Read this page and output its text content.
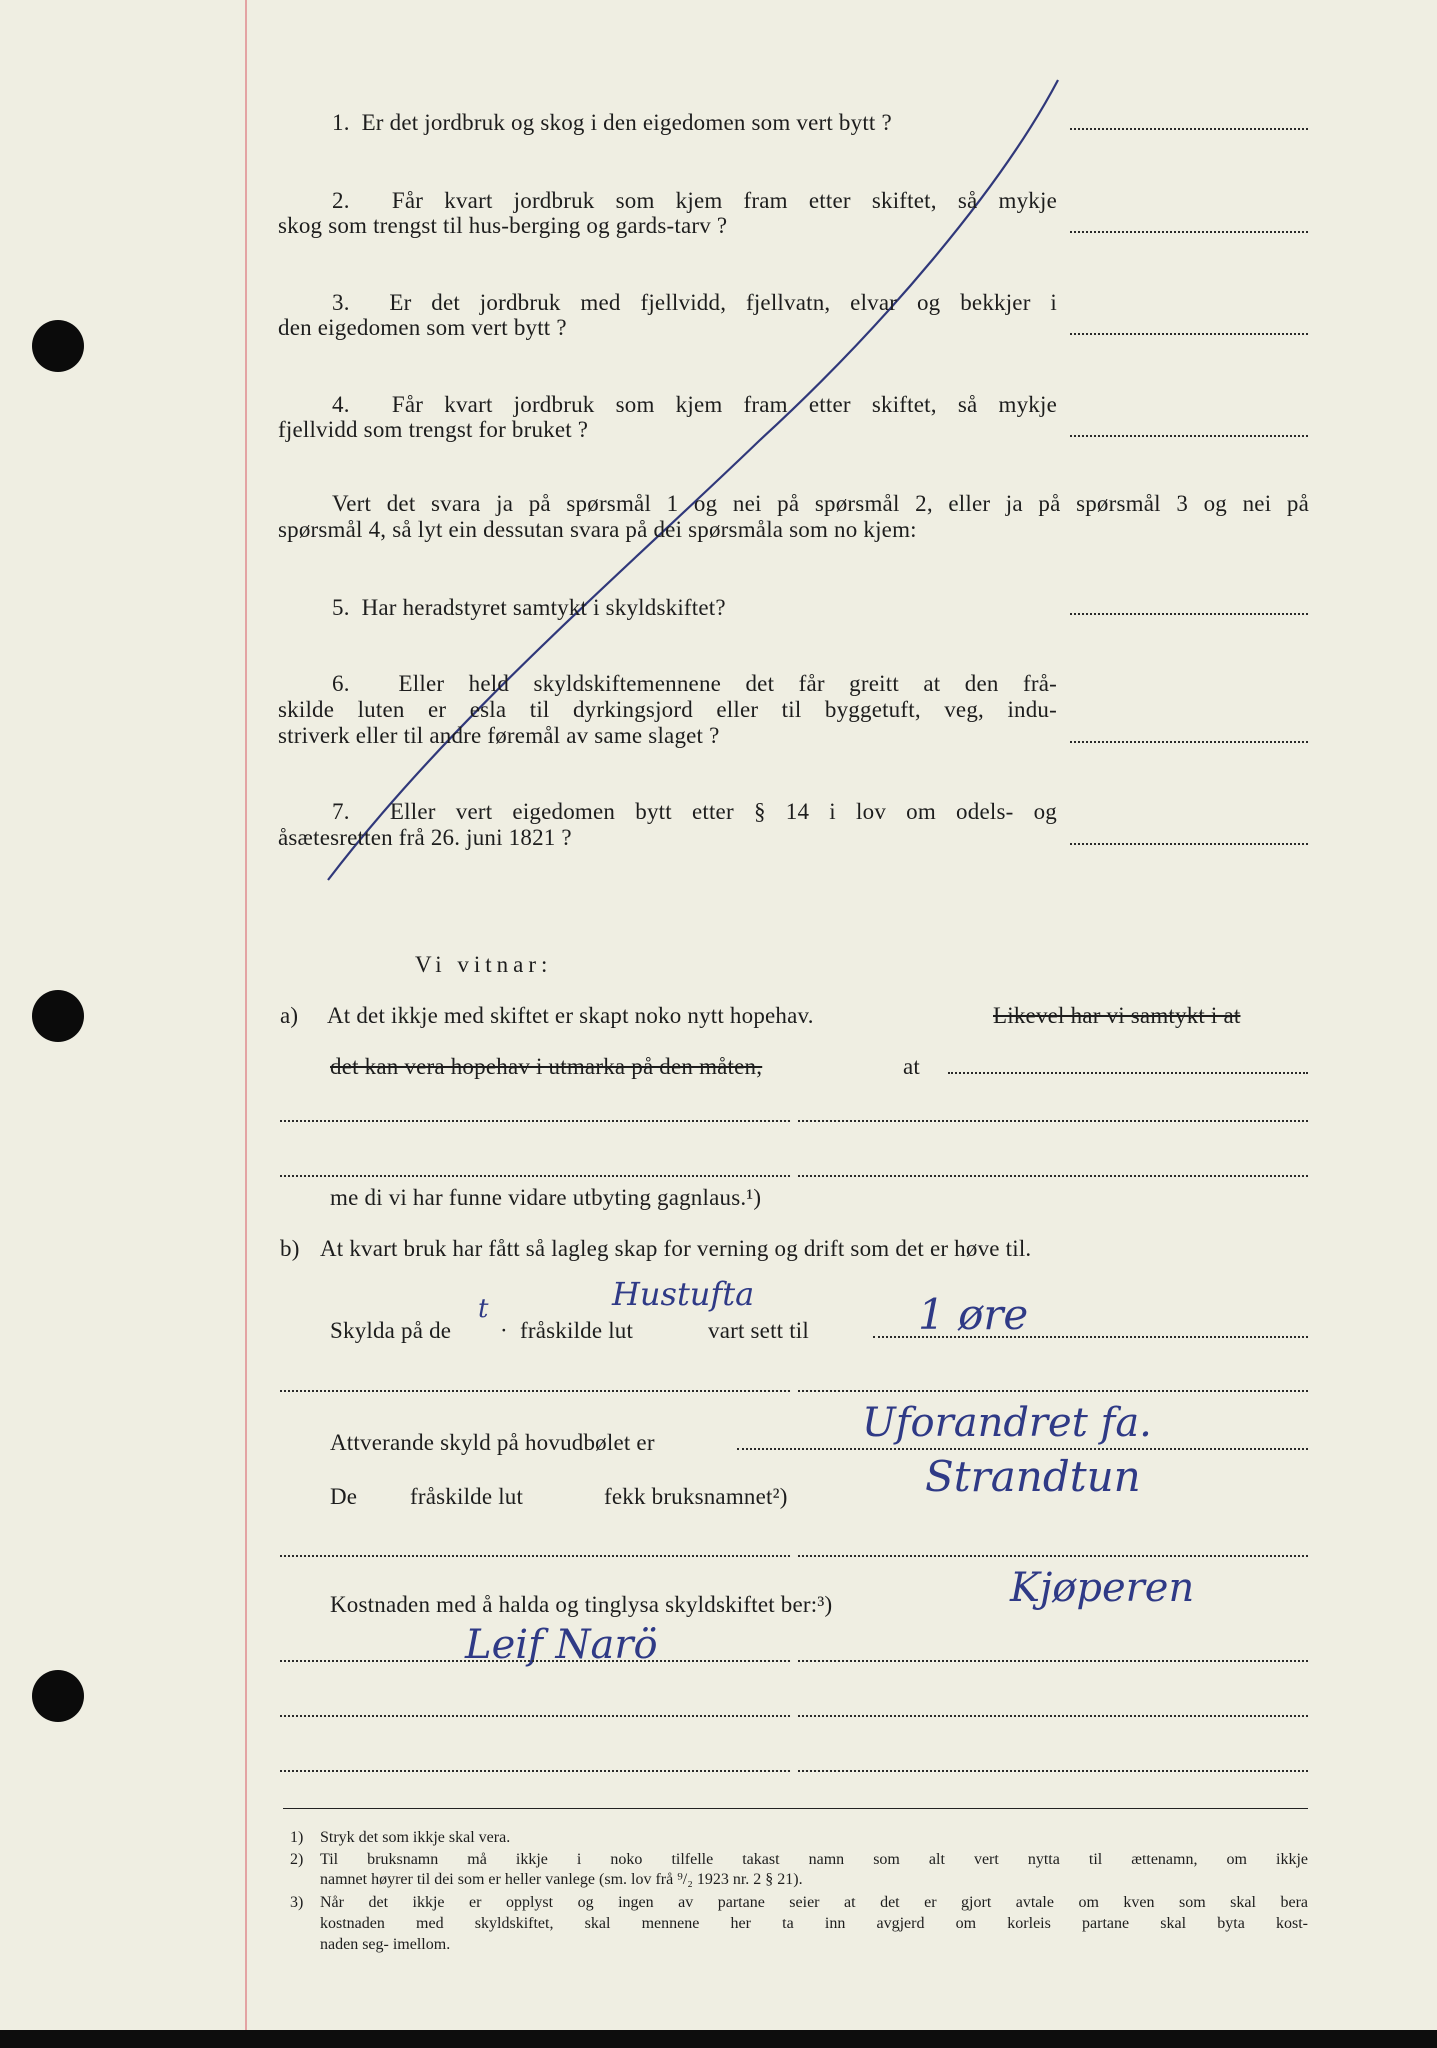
1. Er det jordbruk og skog i den eigedomen som vert bytt ?
2. Får kvart jordbruk som kjem fram etter skiftet, så mykje
skog som trengst til hus-berging og gards-tarv ?
3. Er det jordbruk med fjellvidd, fjellvatn, elvar og bekkjer i
den eigedomen som vert bytt ?
4. Får kvart jordbruk som kjem fram etter skiftet, så mykje
fjellvidd som trengst for bruket ?
Vert det svara ja på spørsmål 1 og nei på spørsmål 2, eller ja på spørsmål 3 og nei på
spørsmål 4, så lyt ein dessutan svara på dei spørsmåla som no kjem:
5. Har heradstyret samtykt i skyldskiftet?
6. Eller held skyldskiftemennene det får greitt at den frå-
skilde luten er esla til dyrkingsjord eller til byggetuft, veg, indu-
striverk eller til andre føremål av same slaget ?
7. Eller vert eigedomen bytt etter § 14 i lov om odels- og
åsætesretten frå 26. juni 1821 ?
Vi vitnar:
a) At det ikkje med skiftet er skapt noko nytt hopehav.	Likevel har vi samtykt i at
det kan vera hopehav i utmarka på den måten,	at
me di vi har funne vidare utbyting gagnlaus.¹)
b) At kvart bruk har fått så lagleg skap for verning og drift som det er høve til.
Skylda på de
t
· fråskilde lut
Hustufta
vart sett til	1 øre
Attverande skyld på hovudbølet er	Uforandret fa.
De fråskilde lut	fekk bruksnamnet²)	Strandtun
Kostnaden med å halda og tinglysa skyldskiftet ber:³)	Kjøperen
Leif Narö
1) Stryk det som ikkje skal vera.
2) Til bruksnamn må ikkje i noko tilfelle takast namn som alt vert nytta til ættenamn, om ikkje
namnet høyrer til dei som er heller vanlege (sm. lov frå ⁹/₂ 1923 nr. 2 § 21).
3) Når det ikkje er opplyst og ingen av partane seier at det er gjort avtale om kven som skal bera
kostnaden med skyldskiftet, skal mennene her ta inn avgjerd om korleis partane skal byta kost-
naden seg- imellom.
